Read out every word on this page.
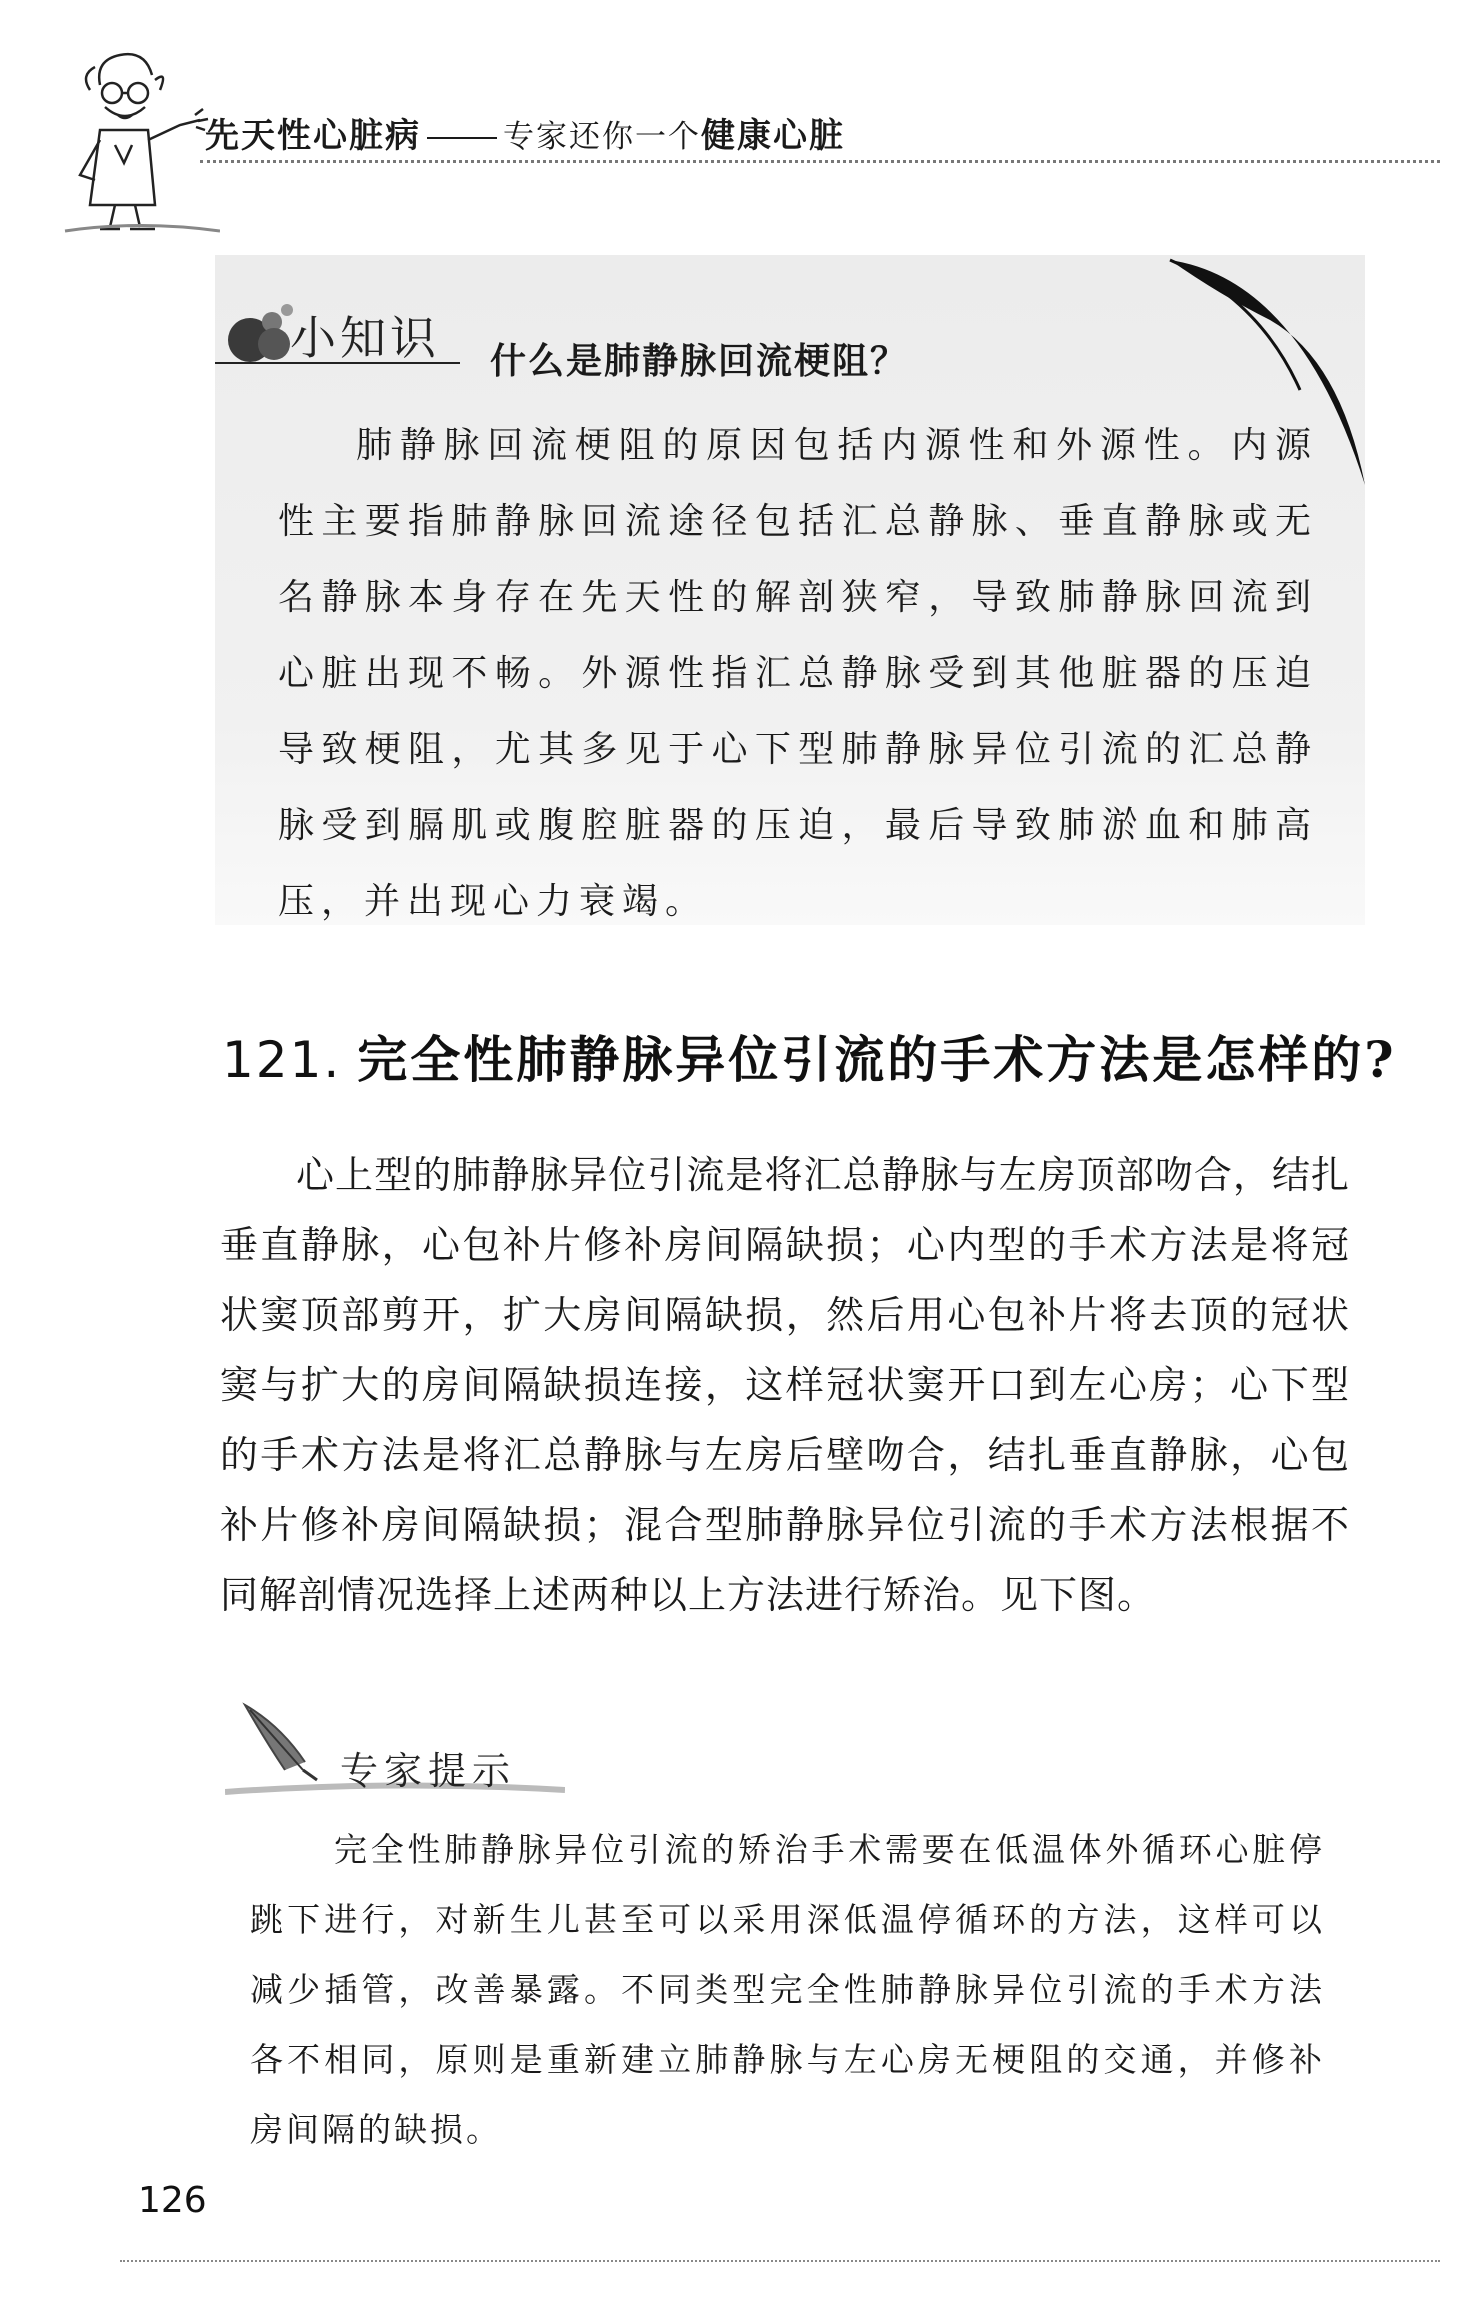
先天性心脏病	专家还你一个健康心脏
小知识 什么是肺静脉回流梗阻？
肺静脉回流梗阻的原因包括内源性和外源性。内源性主要指肺静脉回流途径包括汇总静脉、垂直静脉或无名静脉本身存在先天性的解剖狭窄，导致肺静脉回流到心脏出现不畅。外源性指汇总静脉受到其他脏器的压迫导致梗阻，尤其多见于心下型肺静脉异位引流的汇总静脉受到膈肌或腹腔脏器的压迫，最后导致肺淤血和肺高压，并出现心力衰竭。
121. 完全性肺静脉异位引流的手术方法是怎样的?
心上型的肺静脉异位引流是将汇总静脉与左房顶部吻合，结扎垂直静脉，心包补片修补房间隔缺损；心内型的手术方法是将冠状窦顶部剪开，扩大房间隔缺损，然后用心包补片将去顶的冠状窦与扩大的房间隔缺损连接，这样冠状窦开口到左心房；心下型的手术方法是将汇总静脉与左房后壁吻合，结扎垂直静脉，心包补片修补房间隔缺损；混合型肺静脉异位引流的手术方法根据不同解剖情况选择上述两种以上方法进行矫治。见下图。
专家提示
完全性肺静脉异位引流的矫治手术需要在低温体外循环心脏停跳下进行，对新生儿甚至可以采用深低温停循环的方法，这样可以减少插管，改善暴露。不同类型完全性肺静脉异位引流的手术方法各不相同，原则是重新建立肺静脉与左心房无梗阻的交通，并修补房间隔的缺损。
126
